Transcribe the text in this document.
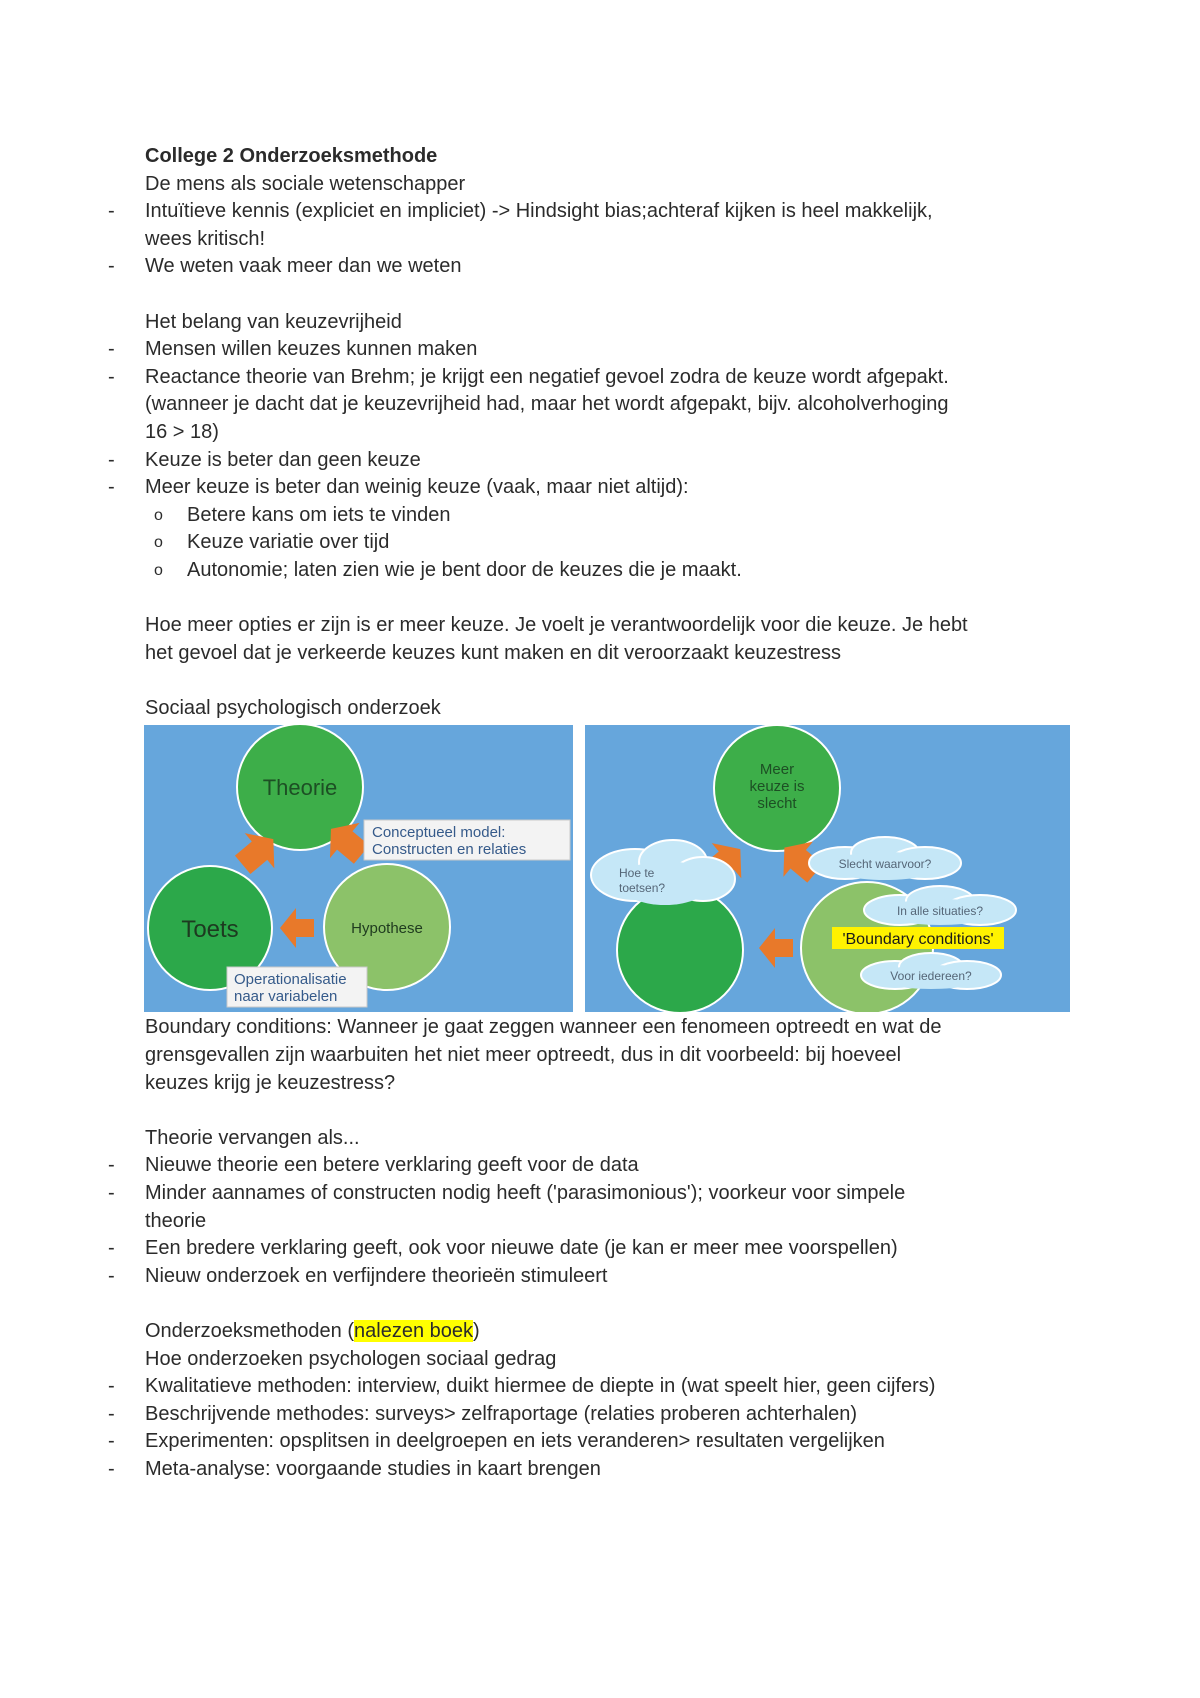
College 2 Onderzoeksmethode
De mens als sociale wetenschapper
- Intuïtieve kennis (expliciet en impliciet) -> Hindsight bias;achteraf kijken is heel makkelijk,
wees kritisch!
- We weten vaak meer dan we weten
Het belang van keuzevrijheid
- Mensen willen keuzes kunnen maken
- Reactance theorie van Brehm; je krijgt een negatief gevoel zodra de keuze wordt afgepakt.
(wanneer je dacht dat je keuzevrijheid had, maar het wordt afgepakt, bijv. alcoholverhoging
16 > 18)
- Keuze is beter dan geen keuze
- Meer keuze is beter dan weinig keuze (vaak, maar niet altijd):
o Betere kans om iets te vinden
o Keuze variatie over tijd
o Autonomie; laten zien wie je bent door de keuzes die je maakt.
Hoe meer opties er zijn is er meer keuze. Je voelt je verantwoordelijk voor die keuze. Je hebt
het gevoel dat je verkeerde keuzes kunt maken en dit veroorzaakt keuzestress
Sociaal psychologisch onderzoek
Theorie
Toets	Hypothese
Conceptueel model:
Constructen en relaties
Operationalisatie
naar variabelen
Meer
keuze is
slecht
Hoe te
toetsen?
Slecht waarvoor?
In alle situaties?
'Boundary conditions'
Voor iedereen?
Boundary conditions: Wanneer je gaat zeggen wanneer een fenomeen optreedt en wat de
grensgevallen zijn waarbuiten het niet meer optreedt, dus in dit voorbeeld: bij hoeveel
keuzes krijg je keuzestress?
Theorie vervangen als...
- Nieuwe theorie een betere verklaring geeft voor de data
- Minder aannames of constructen nodig heeft ('parasimonious'); voorkeur voor simpele
theorie
- Een bredere verklaring geeft, ook voor nieuwe date (je kan er meer mee voorspellen)
- Nieuw onderzoek en verfijndere theorieën stimuleert
Onderzoeksmethoden (nalezen boek)
Hoe onderzoeken psychologen sociaal gedrag
- Kwalitatieve methoden: interview, duikt hiermee de diepte in (wat speelt hier, geen cijfers)
- Beschrijvende methodes: surveys> zelfraportage (relaties proberen achterhalen)
- Experimenten: opsplitsen in deelgroepen en iets veranderen> resultaten vergelijken
- Meta-analyse: voorgaande studies in kaart brengen
